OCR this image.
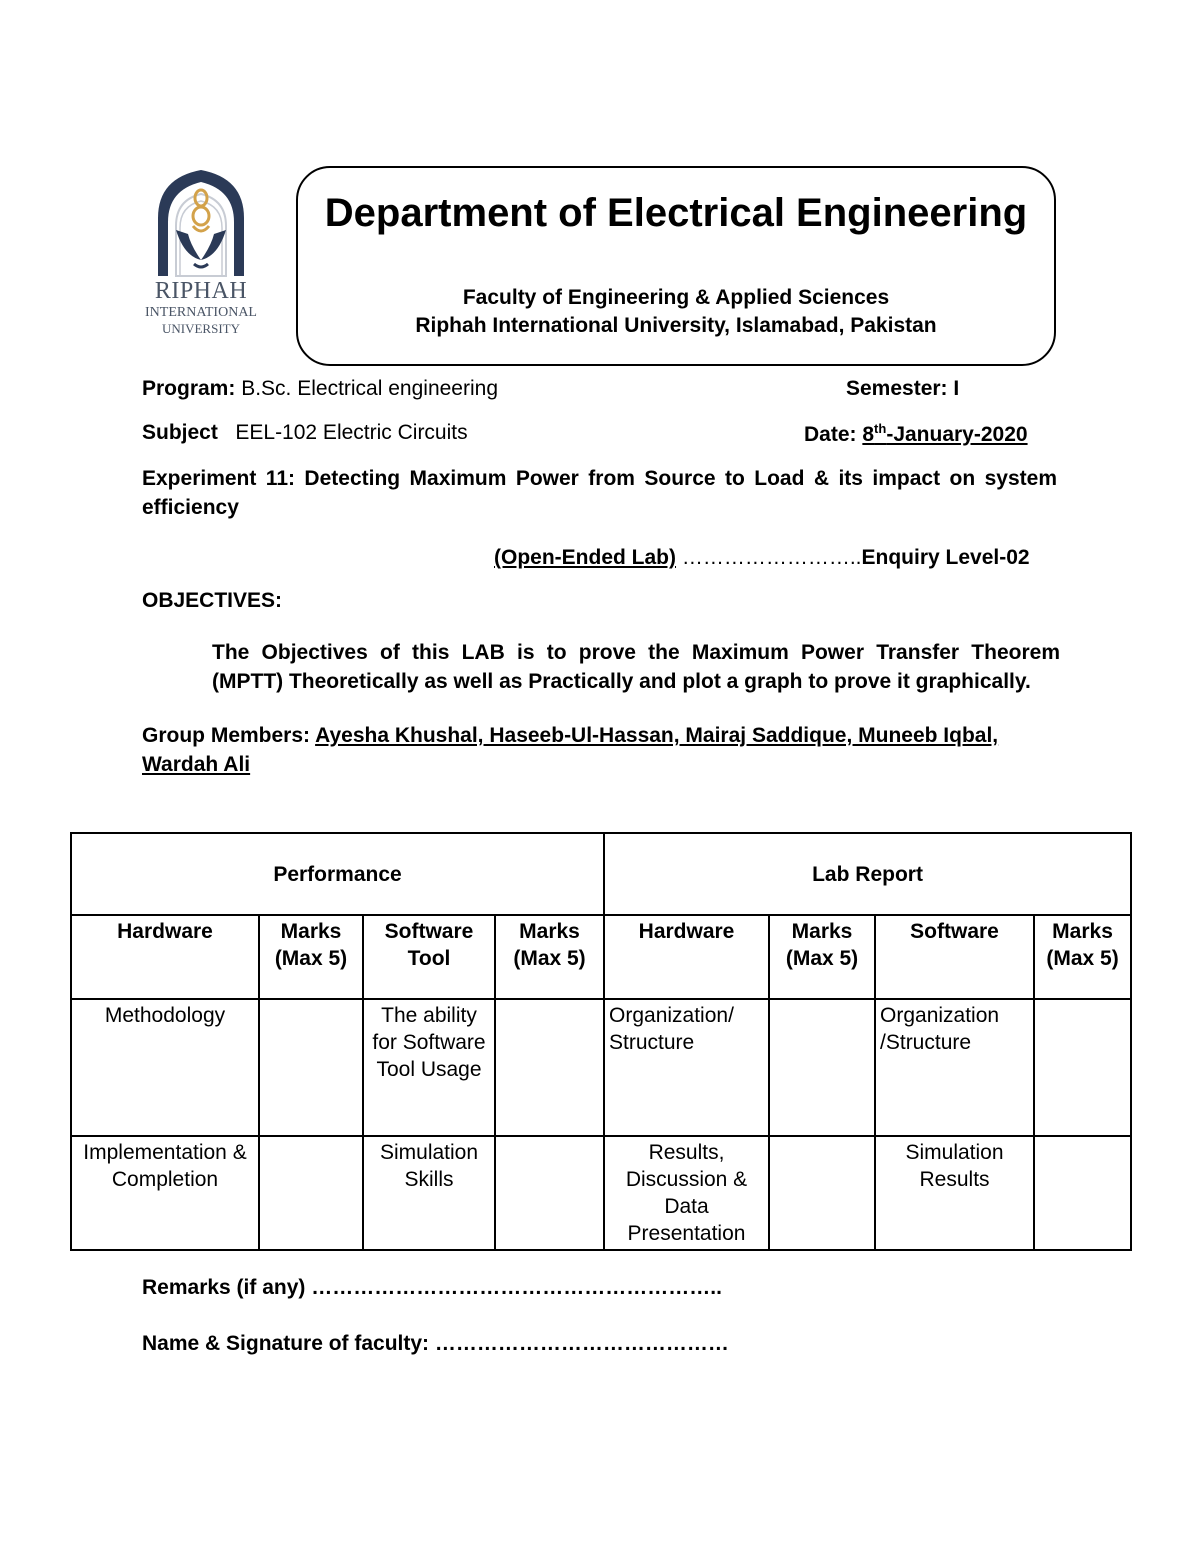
RIPHAH
INTERNATIONAL
UNIVERSITY
Department of Electrical Engineering
Faculty of Engineering & Applied Sciences
Riphah International University, Islamabad, Pakistan
Program: B.Sc. Electrical engineering	Semester: I
Subject EEL-102 Electric Circuits	Date: 8th-January-2020
Experiment 11: Detecting Maximum Power from Source to Load & its impact on system efficiency
(Open-Ended Lab) ……………………..Enquiry Level-02
OBJECTIVES:
The Objectives of this LAB is to prove the Maximum Power Transfer Theorem (MPTT) Theoretically as well as Practically and plot a graph to prove it graphically.
Group Members: Ayesha Khushal, Haseeb-Ul-Hassan, Mairaj Saddique, Muneeb Iqbal, Wardah Ali
Performance				Lab Report			
Hardware	Marks (Max 5)	Software Tool	Marks (Max 5)	Hardware	Marks (Max 5)	Software	Marks (Max 5)
Methodology		The ability for Software Tool Usage		Organization/ Structure		Organization /Structure	
Implementation & Completion		Simulation Skills		Results, Discussion & Data Presentation		Simulation Results	
Remarks (if any) …………………………………………………..
Name & Signature of faculty: ……………………………………
